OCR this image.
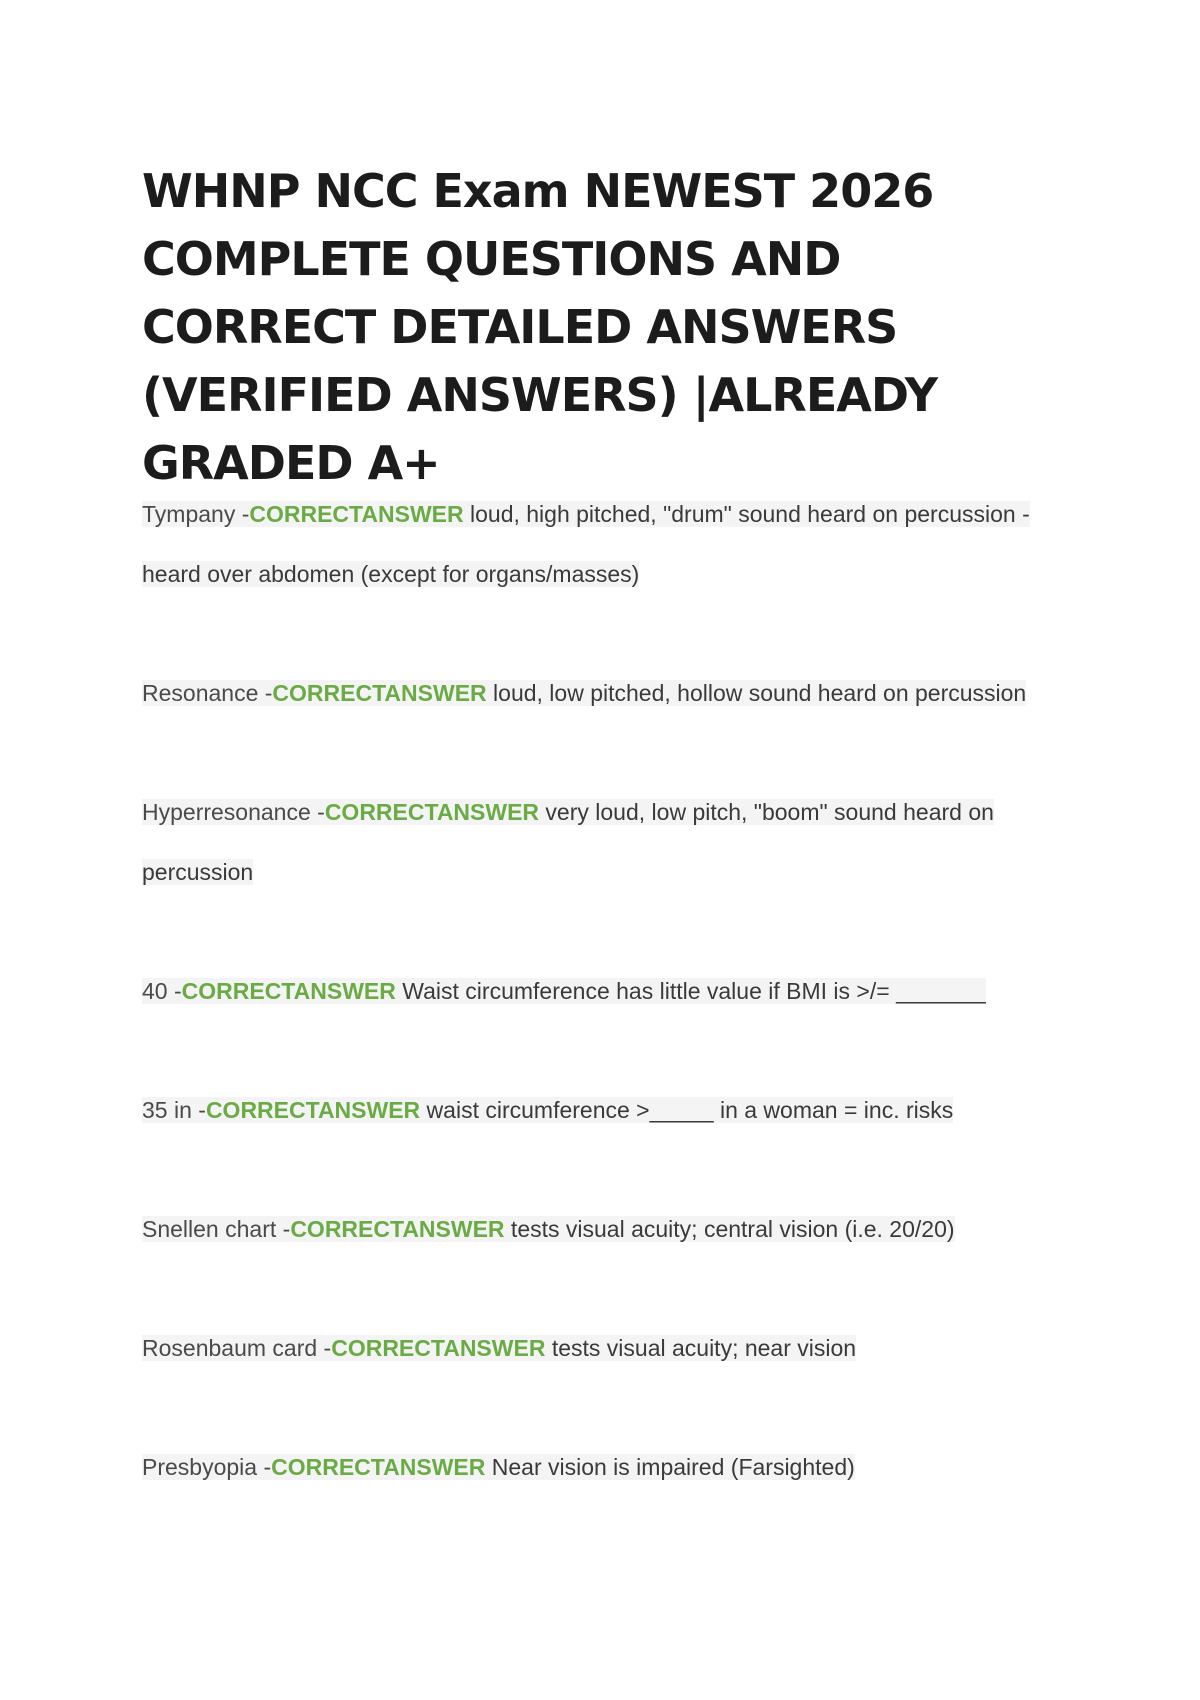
WHNP NCC Exam NEWEST 2026 COMPLETE QUESTIONS AND CORRECT DETAILED ANSWERS (VERIFIED ANSWERS) |ALREADY GRADED A+

Tympany -CORRECTANSWER loud, high pitched, "drum" sound heard on percussion - heard over abdomen (except for organs/masses)

Resonance -CORRECTANSWER loud, low pitched, hollow sound heard on percussion

Hyperresonance -CORRECTANSWER very loud, low pitch, "boom" sound heard on percussion

40 -CORRECTANSWER Waist circumference has little value if BMI is >/= _______

35 in -CORRECTANSWER waist circumference >_____ in a woman = inc. risks

Snellen chart -CORRECTANSWER tests visual acuity; central vision (i.e. 20/20)

Rosenbaum card -CORRECTANSWER tests visual acuity; near vision

Presbyopia -CORRECTANSWER Near vision is impaired (Farsighted)
